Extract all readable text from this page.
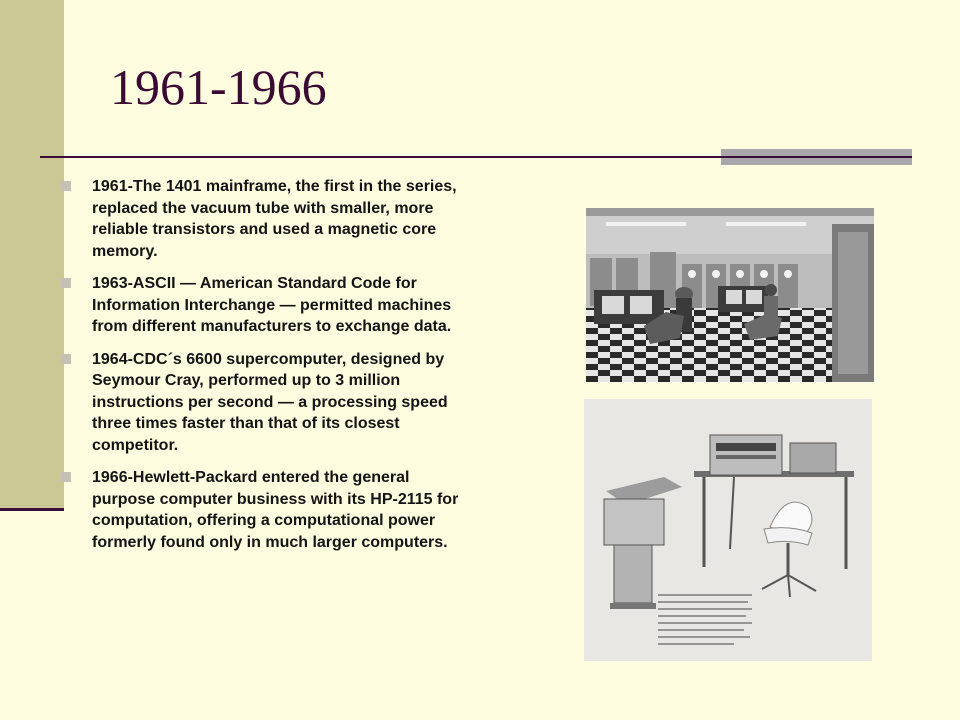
1961-1966
1961-The 1401 mainframe, the first in the series, replaced the vacuum tube with smaller, more reliable transistors and used a magnetic core memory.
1963-ASCII — American Standard Code for Information Interchange — permitted machines from different manufacturers to exchange data.
1964-CDC´s 6600 supercomputer, designed by Seymour Cray, performed up to 3 million instructions per second — a processing speed three times faster than that of its closest competitor.
1966-Hewlett-Packard entered the general purpose computer business with its HP-2115 for computation, offering a computational power formerly found only in much larger computers.
